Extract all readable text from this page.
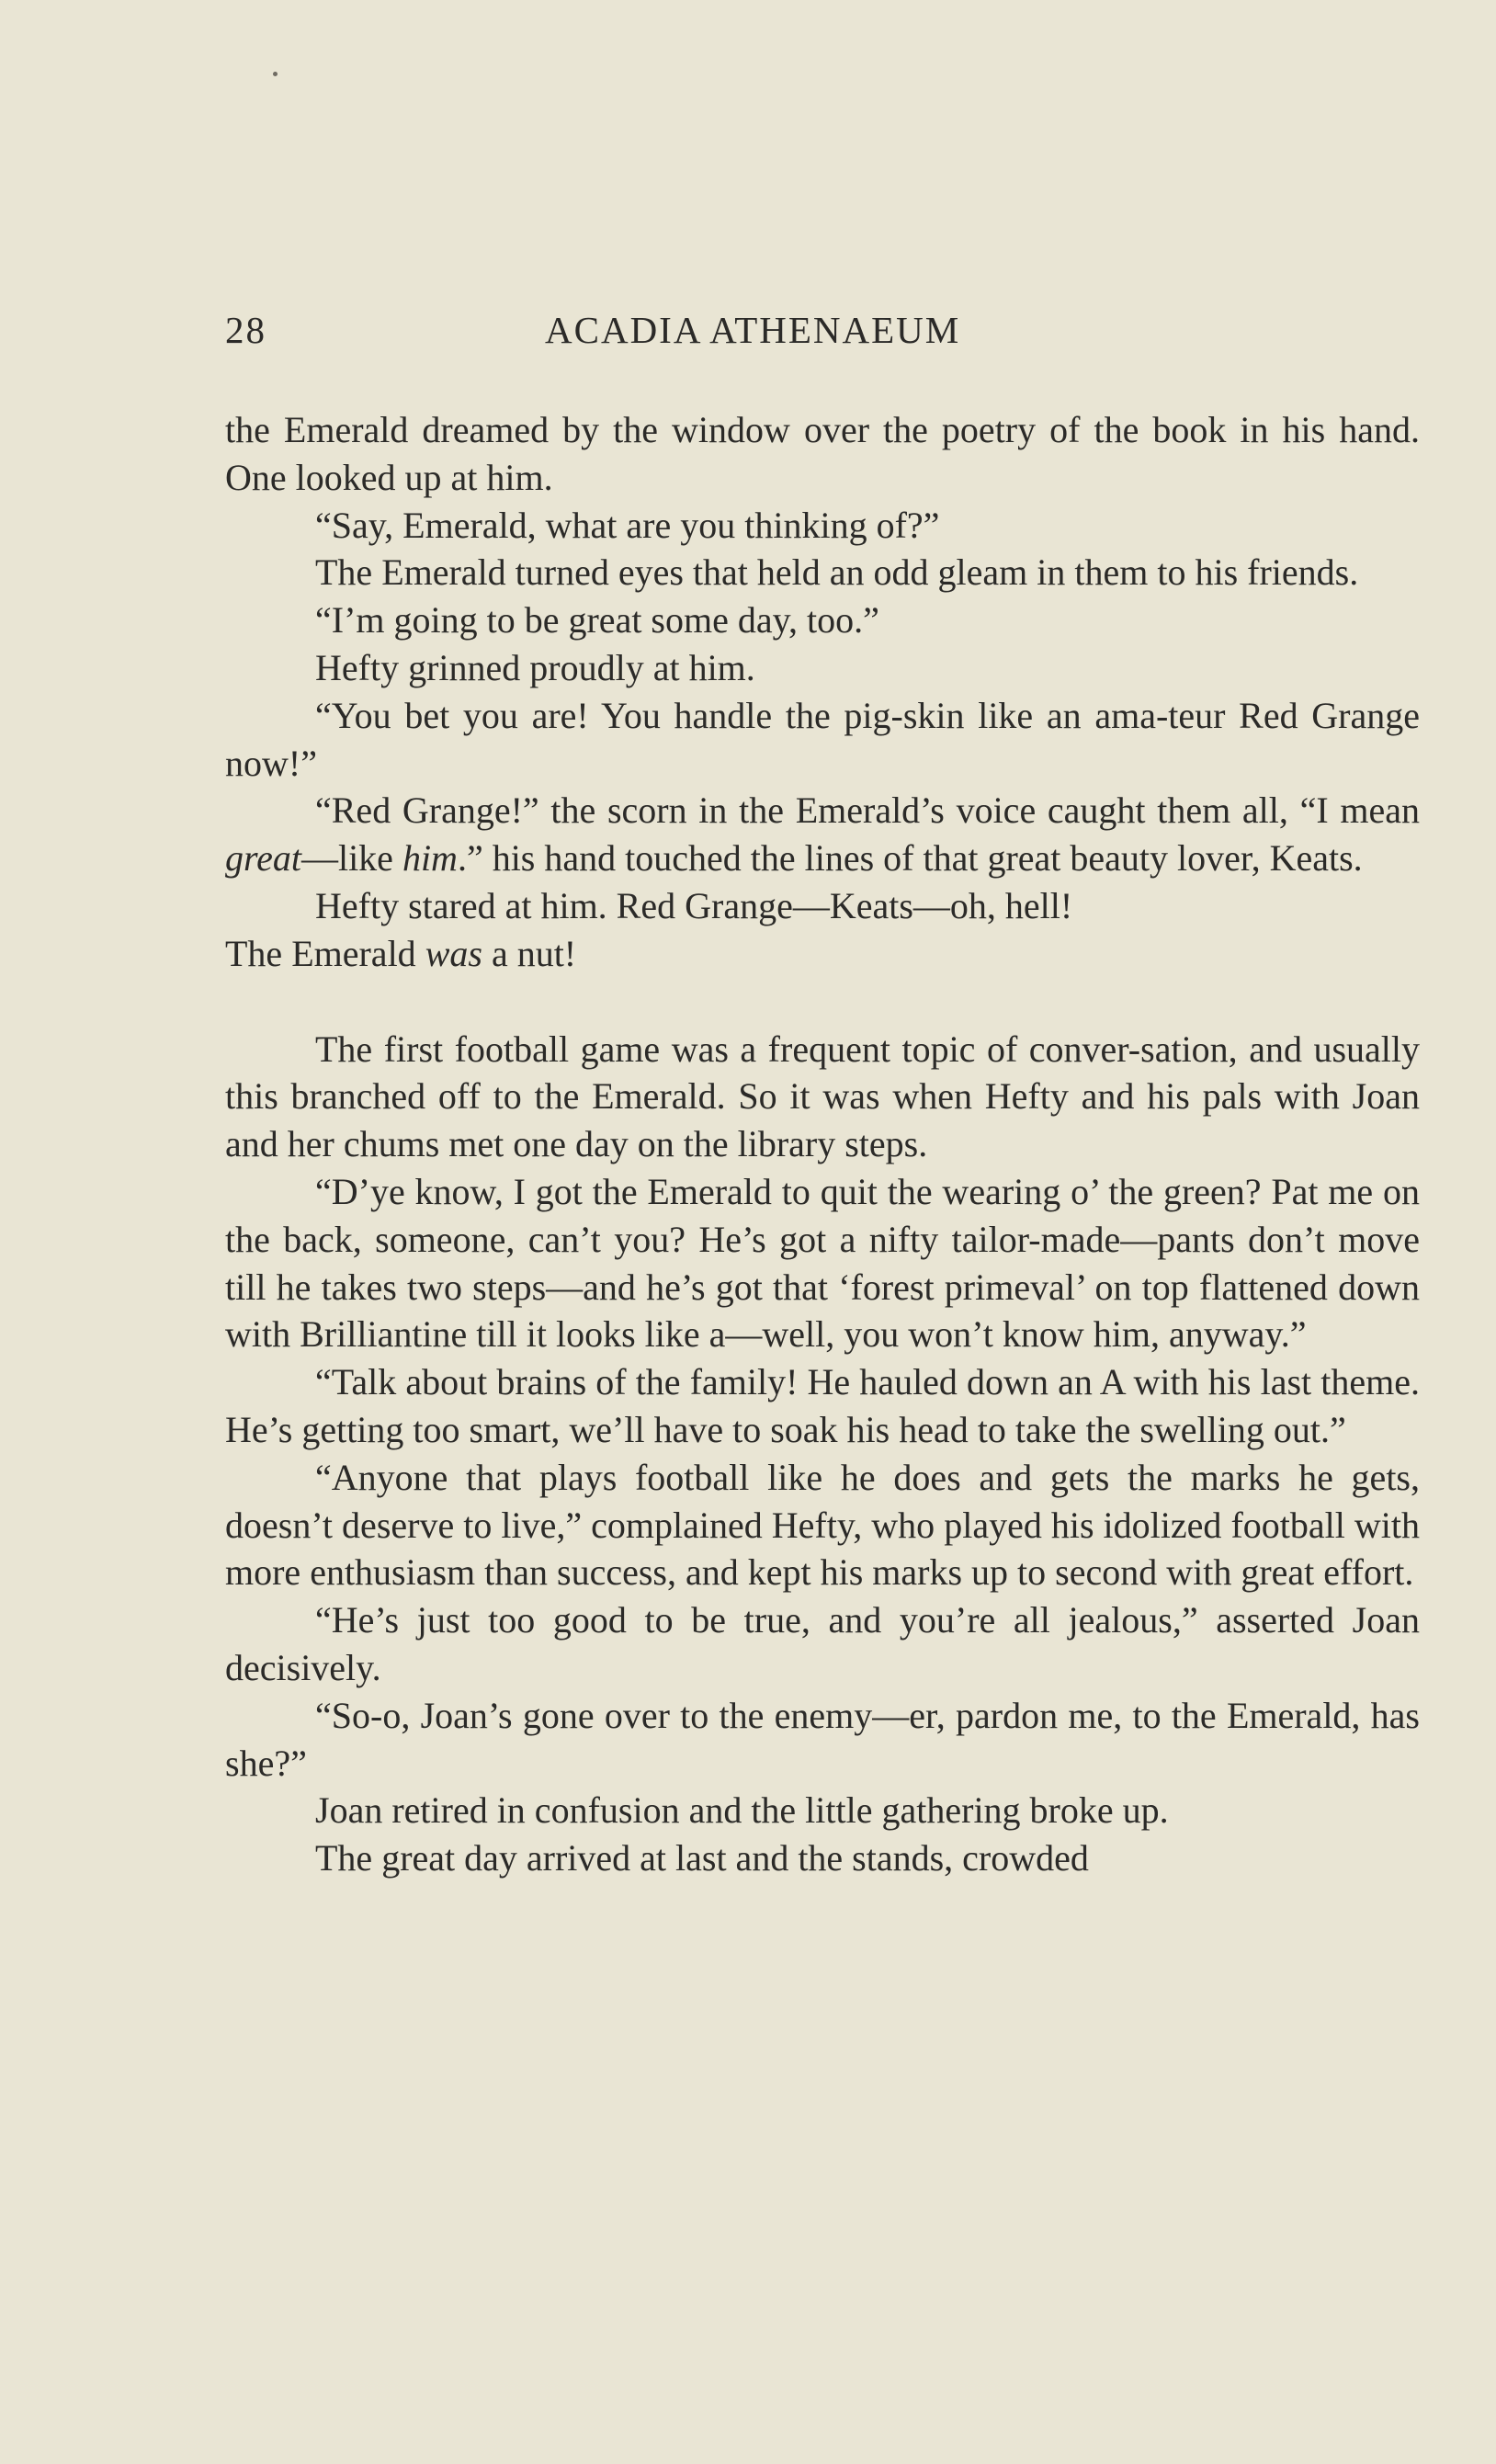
28	ACADIA ATHENAEUM

the Emerald dreamed by the window over the poetry of the book in his hand. One looked up at him.

“Say, Emerald, what are you thinking of?”

The Emerald turned eyes that held an odd gleam in them to his friends.

“I’m going to be great some day, too.”

Hefty grinned proudly at him.

“You bet you are! You handle the pig-skin like an ama-teur Red Grange now!”

“Red Grange!” the scorn in the Emerald’s voice caught them all, “I mean great—like him.” his hand touched the lines of that great beauty lover, Keats.

Hefty stared at him. Red Grange—Keats—oh, hell!

The Emerald was a nut!

The first football game was a frequent topic of conver-sation, and usually this branched off to the Emerald. So it was when Hefty and his pals with Joan and her chums met one day on the library steps.

“D’ye know, I got the Emerald to quit the wearing o’ the green? Pat me on the back, someone, can’t you? He’s got a nifty tailor-made—pants don’t move till he takes two steps—and he’s got that ‘forest primeval’ on top flattened down with Brilliantine till it looks like a—well, you won’t know him, anyway.”

“Talk about brains of the family! He hauled down an A with his last theme. He’s getting too smart, we’ll have to soak his head to take the swelling out.”

“Anyone that plays football like he does and gets the marks he gets, doesn’t deserve to live,” complained Hefty, who played his idolized football with more enthusiasm than success, and kept his marks up to second with great effort.

“He’s just too good to be true, and you’re all jealous,” asserted Joan decisively.

“So-o, Joan’s gone over to the enemy—er, pardon me, to the Emerald, has she?”

Joan retired in confusion and the little gathering broke up.

The great day arrived at last and the stands, crowded
